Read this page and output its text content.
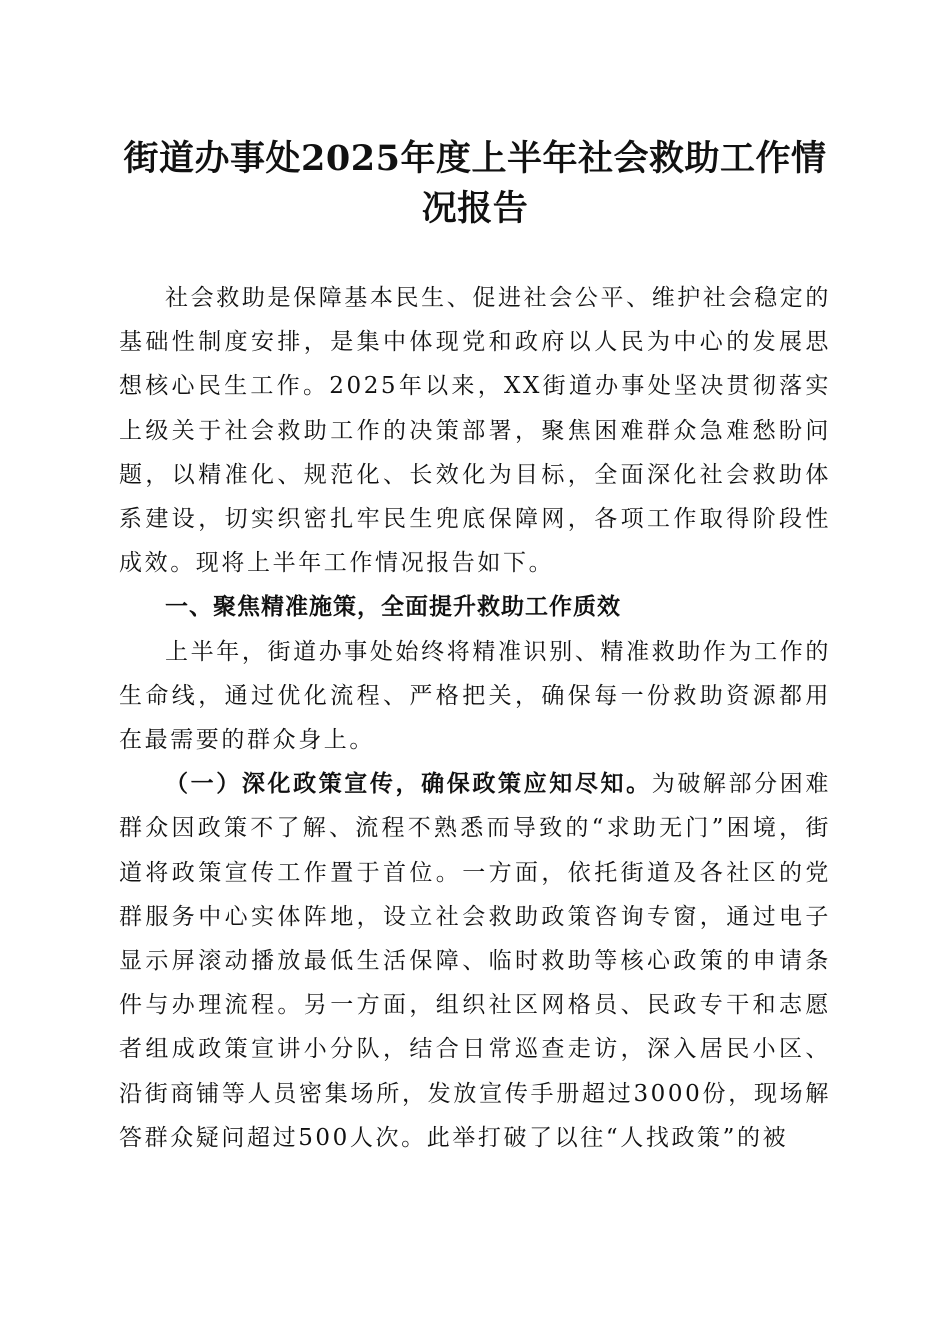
街道办事处2025年度上半年社会救助工作情况报告

社会救助是保障基本民生、促进社会公平、维护社会稳定的基础性制度安排，是集中体现党和政府以人民为中心的发展思想核心民生工作。2025年以来，XX街道办事处坚决贯彻落实上级关于社会救助工作的决策部署，聚焦困难群众急难愁盼问题，以精准化、规范化、长效化为目标，全面深化社会救助体系建设，切实织密扎牢民生兜底保障网，各项工作取得阶段性成效。现将上半年工作情况报告如下。

一、聚焦精准施策，全面提升救助工作质效

上半年，街道办事处始终将精准识别、精准救助作为工作的生命线，通过优化流程、严格把关，确保每一份救助资源都用在最需要的群众身上。

（一）深化政策宣传，确保政策应知尽知。为破解部分困难群众因政策不了解、流程不熟悉而导致的“求助无门”困境，街道将政策宣传工作置于首位。一方面，依托街道及各社区的党群服务中心实体阵地，设立社会救助政策咨询专窗，通过电子显示屏滚动播放最低生活保障、临时救助等核心政策的申请条件与办理流程。另一方面，组织社区网格员、民政专干和志愿者组成政策宣讲小分队，结合日常巡查走访，深入居民小区、沿街商铺等人员密集场所，发放宣传手册超过3000份，现场解答群众疑问超过500人次。此举打破了以往“人找政策”的被
